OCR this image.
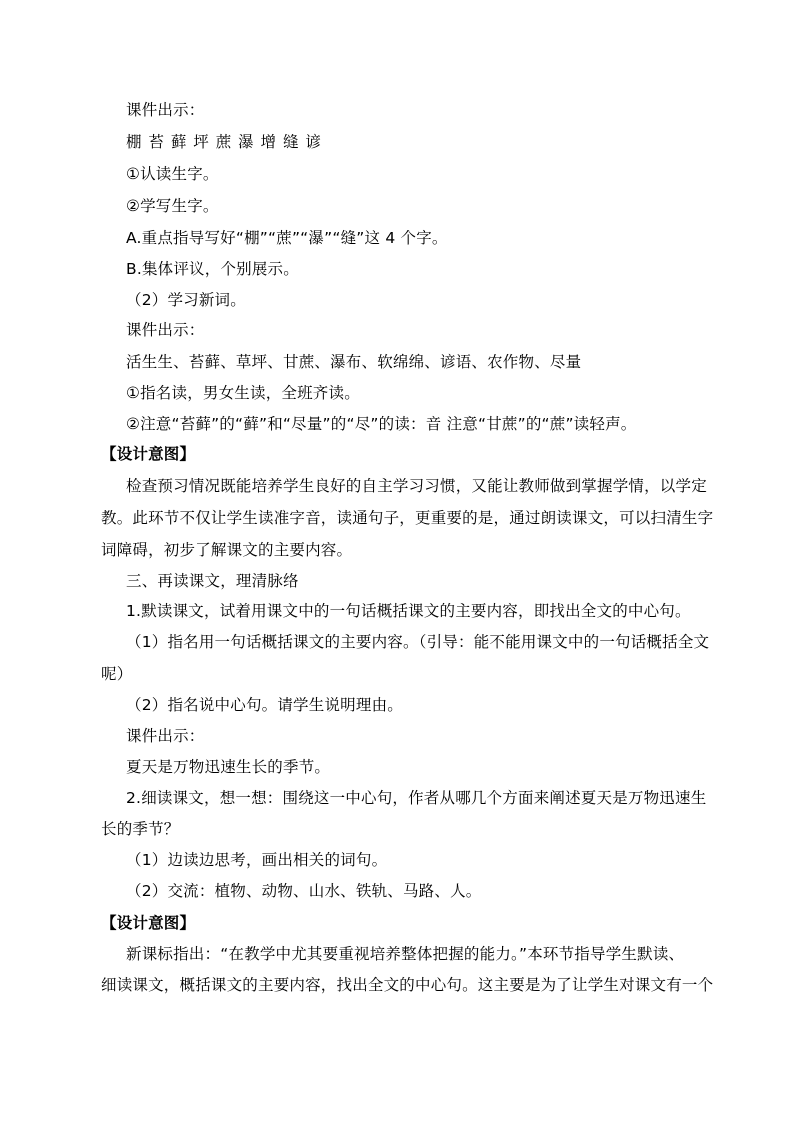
课件出示：
棚 苔 藓 坪 蔗 瀑 增 缝 谚
①认读生字。
②学写生字。
A.重点指导写好“棚”“蔗”“瀑”“缝”这 4 个字。
B.集体评议，个别展示。
（2）学习新词。
课件出示：
活生生、苔藓、草坪、甘蔗、瀑布、软绵绵、谚语、农作物、尽量
①指名读，男女生读，全班齐读。
②注意“苔藓”的“藓”和“尽量”的“尽”的读：音 注意“甘蔗”的“蔗”读轻声。
【设计意图】
检查预习情况既能培养学生良好的自主学习习惯，又能让教师做到掌握学情，以学定
教。此环节不仅让学生读准字音，读通句子，更重要的是，通过朗读课文，可以扫清生字
词障碍，初步了解课文的主要内容。
三、再读课文，理清脉络
1.默读课文，试着用课文中的一句话概括课文的主要内容，即找出全文的中心句。
（1）指名用一句话概括课文的主要内容。（引导：能不能用课文中的一句话概括全文
呢）
（2）指名说中心句。请学生说明理由。
课件出示：
夏天是万物迅速生长的季节。
2.细读课文，想一想：围绕这一中心句，作者从哪几个方面来阐述夏天是万物迅速生
长的季节？
（1）边读边思考，画出相关的词句。
（2）交流：植物、动物、山水、铁轨、马路、人。
【设计意图】
新课标指出：“在教学中尤其要重视培养整体把握的能力。”本环节指导学生默读、
细读课文，概括课文的主要内容，找出全文的中心句。这主要是为了让学生对课文有一个
